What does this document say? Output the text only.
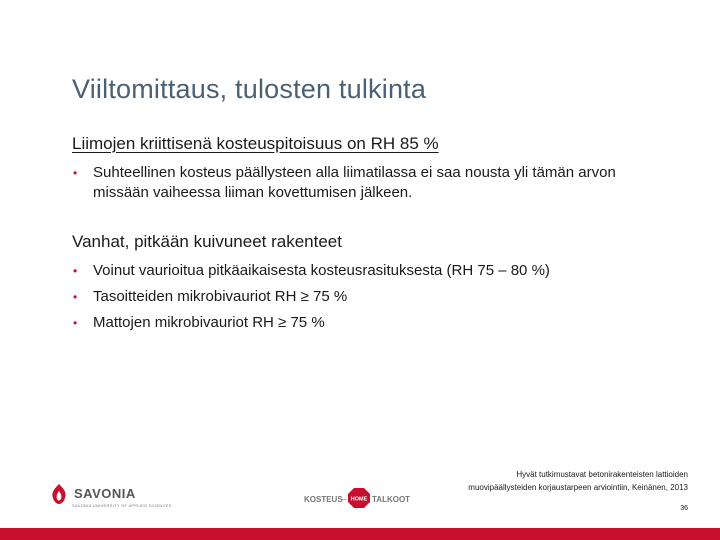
Viiltomittaus, tulosten tulkinta
Liimojen kriittisenä kosteuspitoisuus on RH 85 %
• Suhteellinen kosteus päällysteen alla liimatilassa ei saa nousta yli tämän arvon missään vaiheessa liiman kovettumisen jälkeen.
Vanhat, pitkään kuivuneet rakenteet
• Voinut vaurioitua pitkäaikaisesta kosteusrasituksesta (RH 75 – 80 %)
• Tasoitteiden mikrobivauriot RH ≥ 75 %
• Mattojen mikrobivauriot RH ≥ 75 %
Hyvät tutkimustavat betonirakenteisten lattioiden
muovipäällysteiden korjaustarpeen arviointiin, Keinänen, 2013
36
SAVONIA
SAVONIA UNIVERSITY OF APPLIED SCIENCES
KOSTEUS – HOME TALKOOT
